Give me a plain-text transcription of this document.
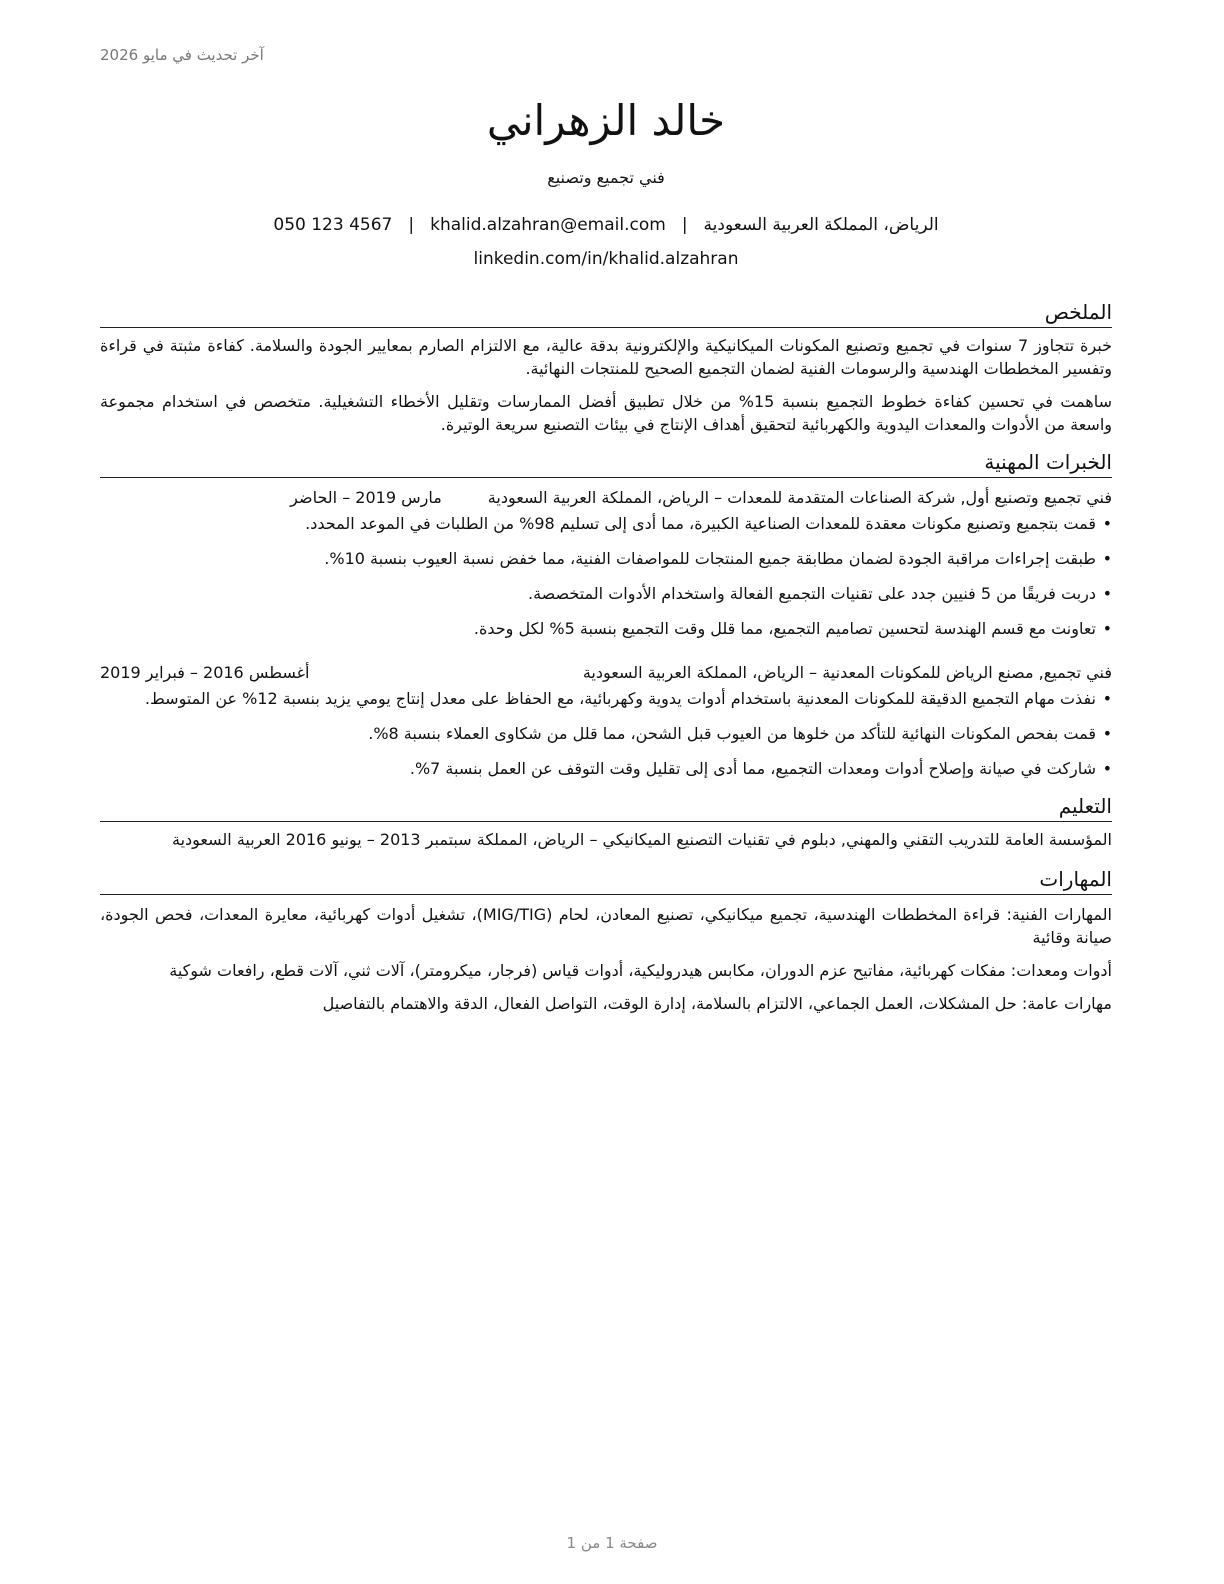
آخر تحديث في مايو 2026
خالد الزهراني
فني تجميع وتصنيع
الرياض، المملكة العربية السعودية|khalid.alzahran@email.com|050 123 4567
linkedin.com/in/khalid.alzahran
الملخص

خبرة تتجاوز 7 سنوات في تجميع وتصنيع المكونات الميكانيكية والإلكترونية بدقة عالية، مع الالتزام الصارم بمعايير الجودة والسلامة. كفاءة مثبتة في قراءة وتفسير المخططات الهندسية والرسومات الفنية لضمان التجميع الصحيح للمنتجات النهائية.

ساهمت في تحسين كفاءة خطوط التجميع بنسبة 15% من خلال تطبيق أفضل الممارسات وتقليل الأخطاء التشغيلية. متخصص في استخدام مجموعة واسعة من الأدوات والمعدات اليدوية والكهربائية لتحقيق أهداف الإنتاج في بيئات التصنيع سريعة الوتيرة.

الخبرات المهنية
فني تجميع وتصنيع أول, شركة الصناعات المتقدمة للمعدات – الرياض، المملكة العربية السعودية
مارس 2019 – الحاضر
• قمت بتجميع وتصنيع مكونات معقدة للمعدات الصناعية الكبيرة، مما أدى إلى تسليم 98% من الطلبات في الموعد المحدد.
• طبقت إجراءات مراقبة الجودة لضمان مطابقة جميع المنتجات للمواصفات الفنية، مما خفض نسبة العيوب بنسبة 10%.
• دربت فريقًا من 5 فنيين جدد على تقنيات التجميع الفعالة واستخدام الأدوات المتخصصة.
• تعاونت مع قسم الهندسة لتحسين تصاميم التجميع، مما قلل وقت التجميع بنسبة 5% لكل وحدة.
فني تجميع, مصنع الرياض للمكونات المعدنية – الرياض، المملكة العربية السعودية
أغسطس 2016 – فبراير 2019
• نفذت مهام التجميع الدقيقة للمكونات المعدنية باستخدام أدوات يدوية وكهربائية، مع الحفاظ على معدل إنتاج يومي يزيد بنسبة 12% عن المتوسط.
• قمت بفحص المكونات النهائية للتأكد من خلوها من العيوب قبل الشحن، مما قلل من شكاوى العملاء بنسبة 8%.
• شاركت في صيانة وإصلاح أدوات ومعدات التجميع، مما أدى إلى تقليل وقت التوقف عن العمل بنسبة 7%.
التعليم
المؤسسة العامة للتدريب التقني والمهني, دبلوم في تقنيات التصنيع الميكانيكي – الرياض، المملكة سبتمبر 2013 – يونيو 2016 العربية السعودية
المهارات
المهارات الفنية: قراءة المخططات الهندسية، تجميع ميكانيكي، تصنيع المعادن، لحام (MIG/TIG)، تشغيل أدوات كهربائية، معايرة المعدات، فحص الجودة، صيانة وقائية
أدوات ومعدات: مفكات كهربائية، مفاتيح عزم الدوران، مكابس هيدروليكية، أدوات قياس (فرجار، ميكرومتر)، آلات ثني، آلات قطع، رافعات شوكية
مهارات عامة: حل المشكلات، العمل الجماعي، الالتزام بالسلامة، إدارة الوقت، التواصل الفعال، الدقة والاهتمام بالتفاصيل
صفحة 1 من 1
